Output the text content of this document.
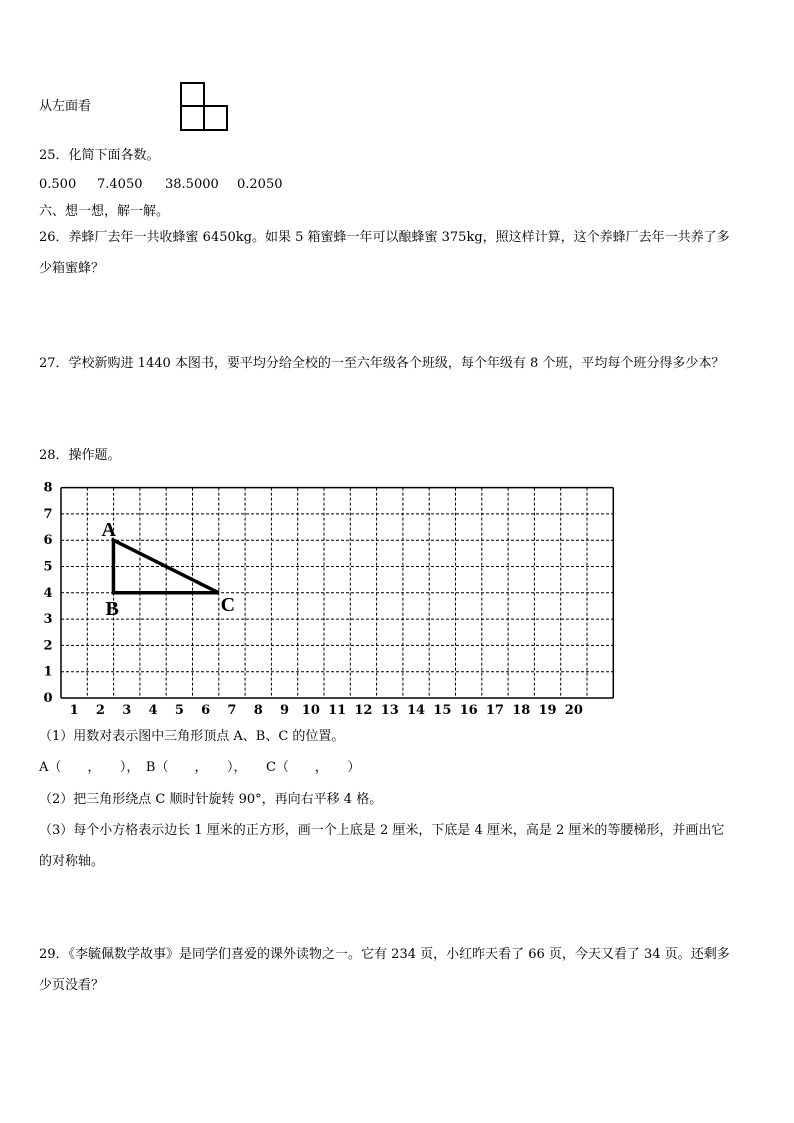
从左面看
25．化简下面各数。
0.500 7.4050 38.5000 0.2050
六、想一想，解一解。
26．养蜂厂去年一共收蜂蜜 6450kg。如果 5 箱蜜蜂一年可以酿蜂蜜 375kg，照这样计算，这个养蜂厂去年一共养了多
少箱蜜蜂？
27．学校新购进 1440 本图书，要平均分给全校的一至六年级各个班级，每个年级有 8 个班，平均每个班分得多少本？
28．操作题。
1 2 3 4 5 6 7 8 9 10 11 12 13 14 15 16 17 18 19 20
0
1
2
3
4
5
6
7
8
A
B	C
（1）用数对表示图中三角形顶点 A、B、C 的位置。
A（　　，　　），　B（　　，　　），　　C（　　，　　）
（2）把三角形绕点 C 顺时针旋转 90°，再向右平移 4 格。
（3）每个小方格表示边长 1 厘米的正方形，画一个上底是 2 厘米，下底是 4 厘米，高是 2 厘米的等腰梯形，并画出它
的对称轴。
29．《李毓佩数学故事》是同学们喜爱的课外读物之一。它有 234 页，小红昨天看了 66 页，今天又看了 34 页。还剩多
少页没看？
